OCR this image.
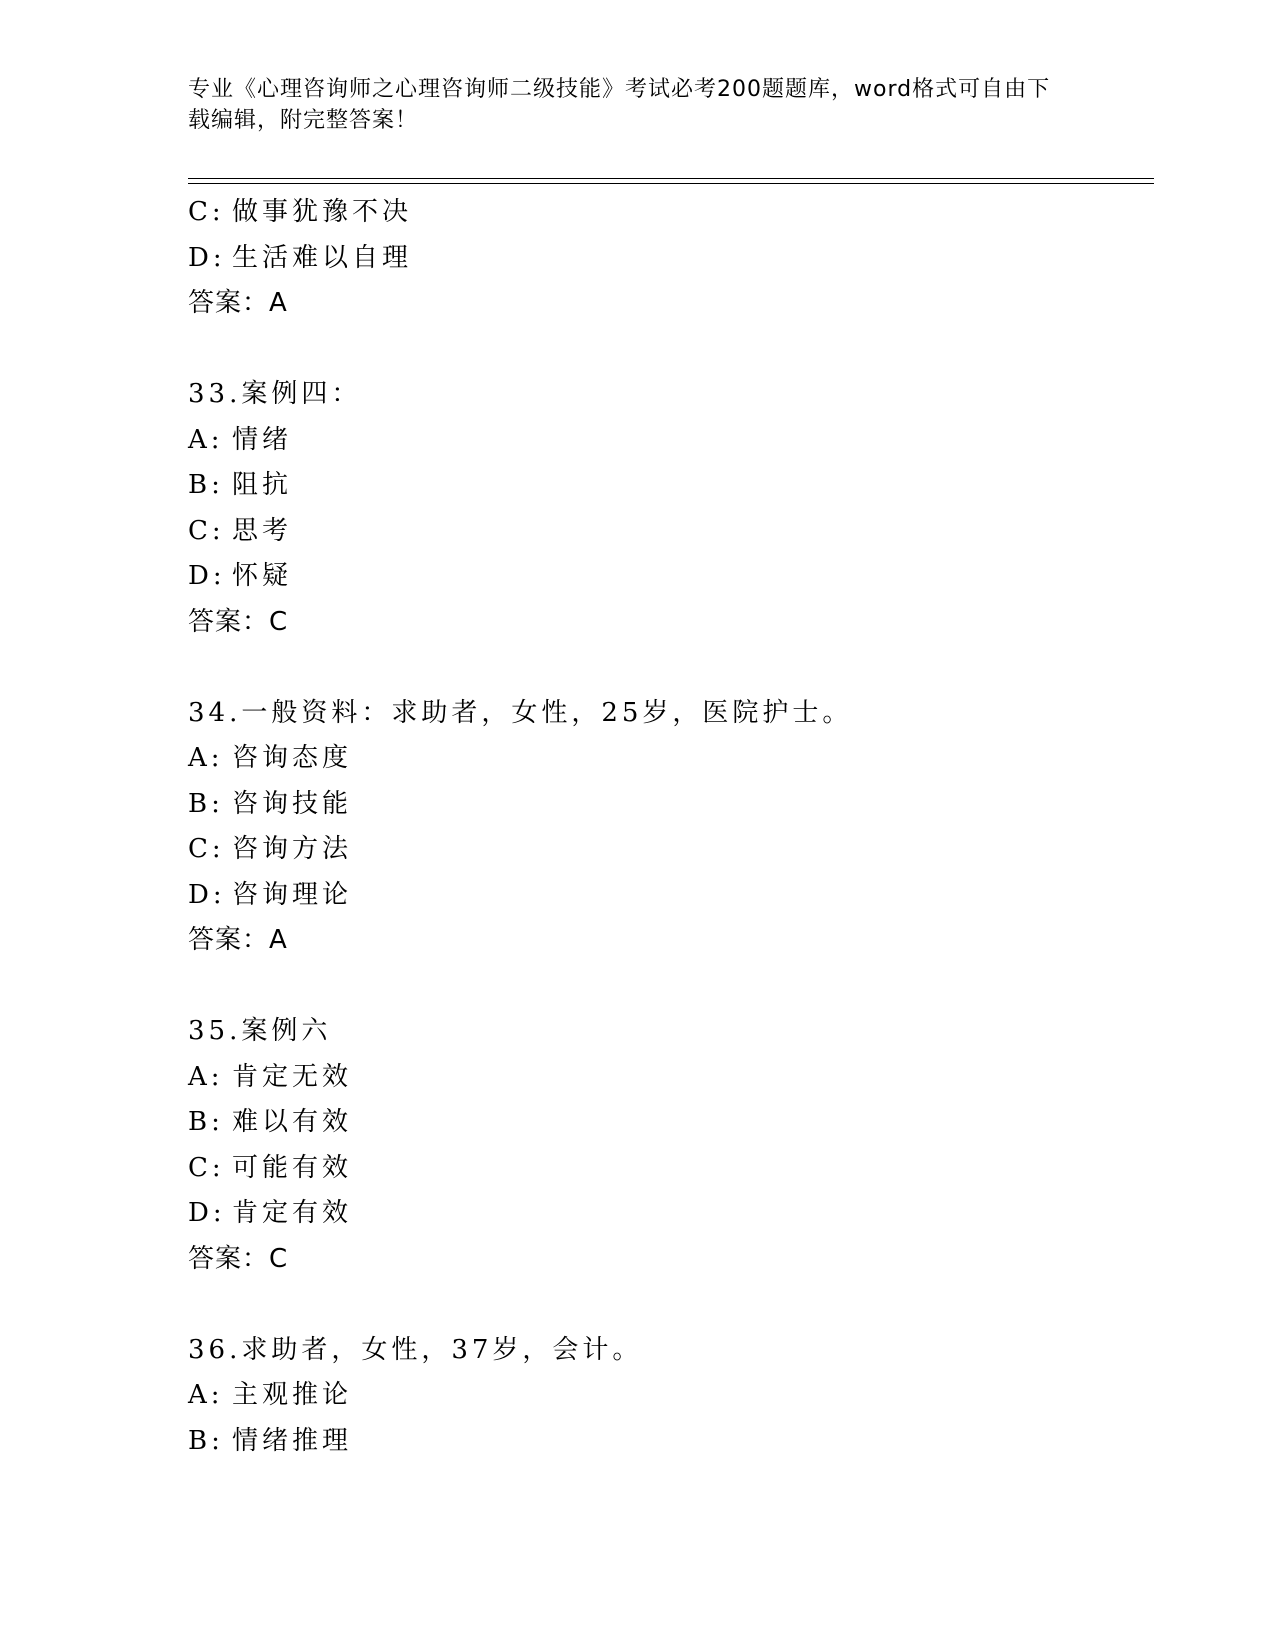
专业《心理咨询师之心理咨询师二级技能》考试必考200题题库，word格式可自由下载编辑，附完整答案！
C: 做事犹豫不决
D: 生活难以自理
答案：A
33.案例四：
A: 情绪
B: 阻抗
C: 思考
D: 怀疑
答案：C
34.一般资料：求助者，女性，25岁，医院护士。
A: 咨询态度
B: 咨询技能
C: 咨询方法
D: 咨询理论
答案：A
35.案例六
A: 肯定无效
B: 难以有效
C: 可能有效
D: 肯定有效
答案：C
36.求助者，女性，37岁，会计。
A: 主观推论
B: 情绪推理
